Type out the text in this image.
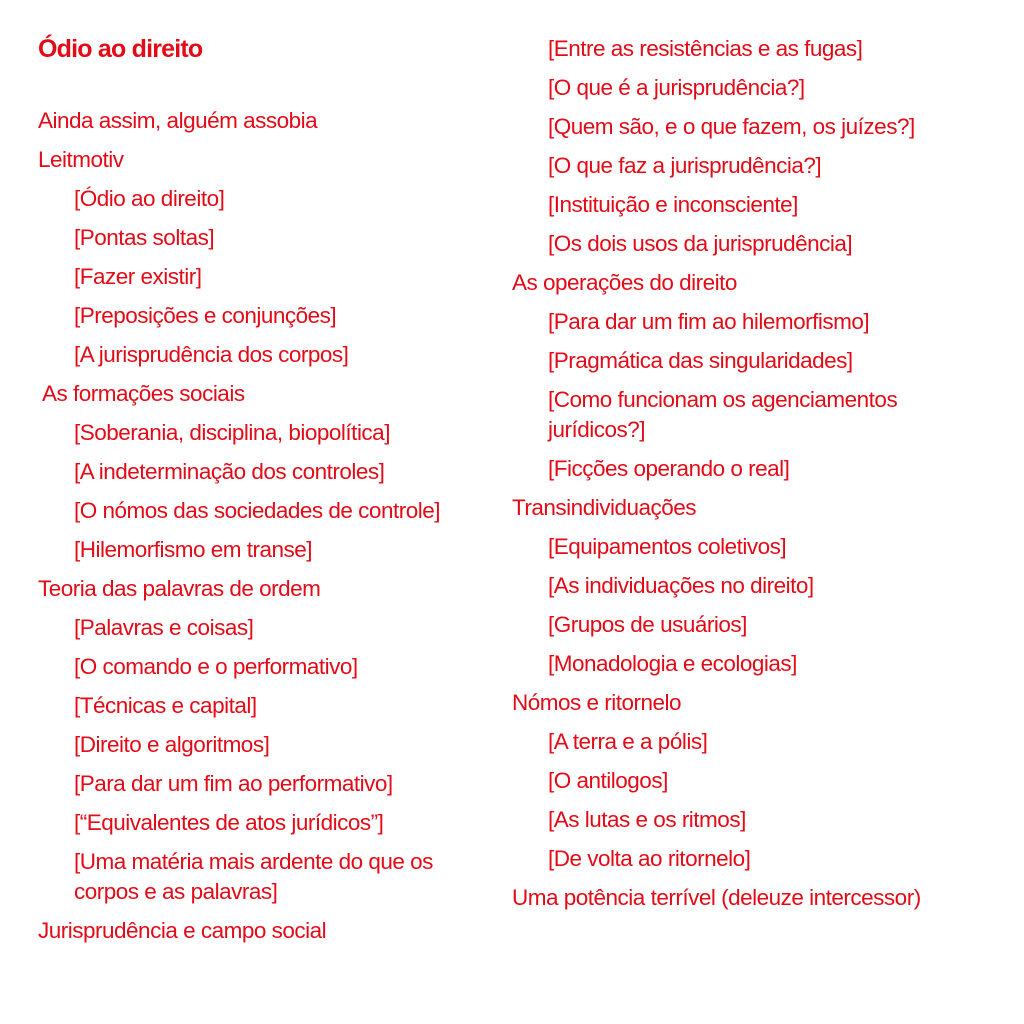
Ódio ao direito
Ainda assim, alguém assobia
Leitmotiv
[Ódio ao direito]
[Pontas soltas]
[Fazer existir]
[Preposições e conjunções]
[A jurisprudência dos corpos]
As formações sociais
[Soberania, disciplina, biopolítica]
[A indeterminação dos controles]
[O nómos das sociedades de controle]
[Hilemorfismo em transe]
Teoria das palavras de ordem
[Palavras e coisas]
[O comando e o performativo]
[Técnicas e capital]
[Direito e algoritmos]
[Para dar um fim ao performativo]
[“Equivalentes de atos jurídicos”]
[Uma matéria mais ardente do que os corpos e as palavras]
Jurisprudência e campo social
[Entre as resistências e as fugas]
[O que é a jurisprudência?]
[Quem são, e o que fazem, os juízes?]
[O que faz a jurisprudência?]
[Instituição e inconsciente]
[Os dois usos da jurisprudência]
As operações do direito
[Para dar um fim ao hilemorfismo]
[Pragmática das singularidades]
[Como funcionam os agenciamentos jurídicos?]
[Ficções operando o real]
Transindividuações
[Equipamentos coletivos]
[As individuações no direito]
[Grupos de usuários]
[Monadologia e ecologias]
Nómos e ritornelo
[A terra e a pólis]
[O antilogos]
[As lutas e os ritmos]
[De volta ao ritornelo]
Uma potência terrível (deleuze intercessor)
